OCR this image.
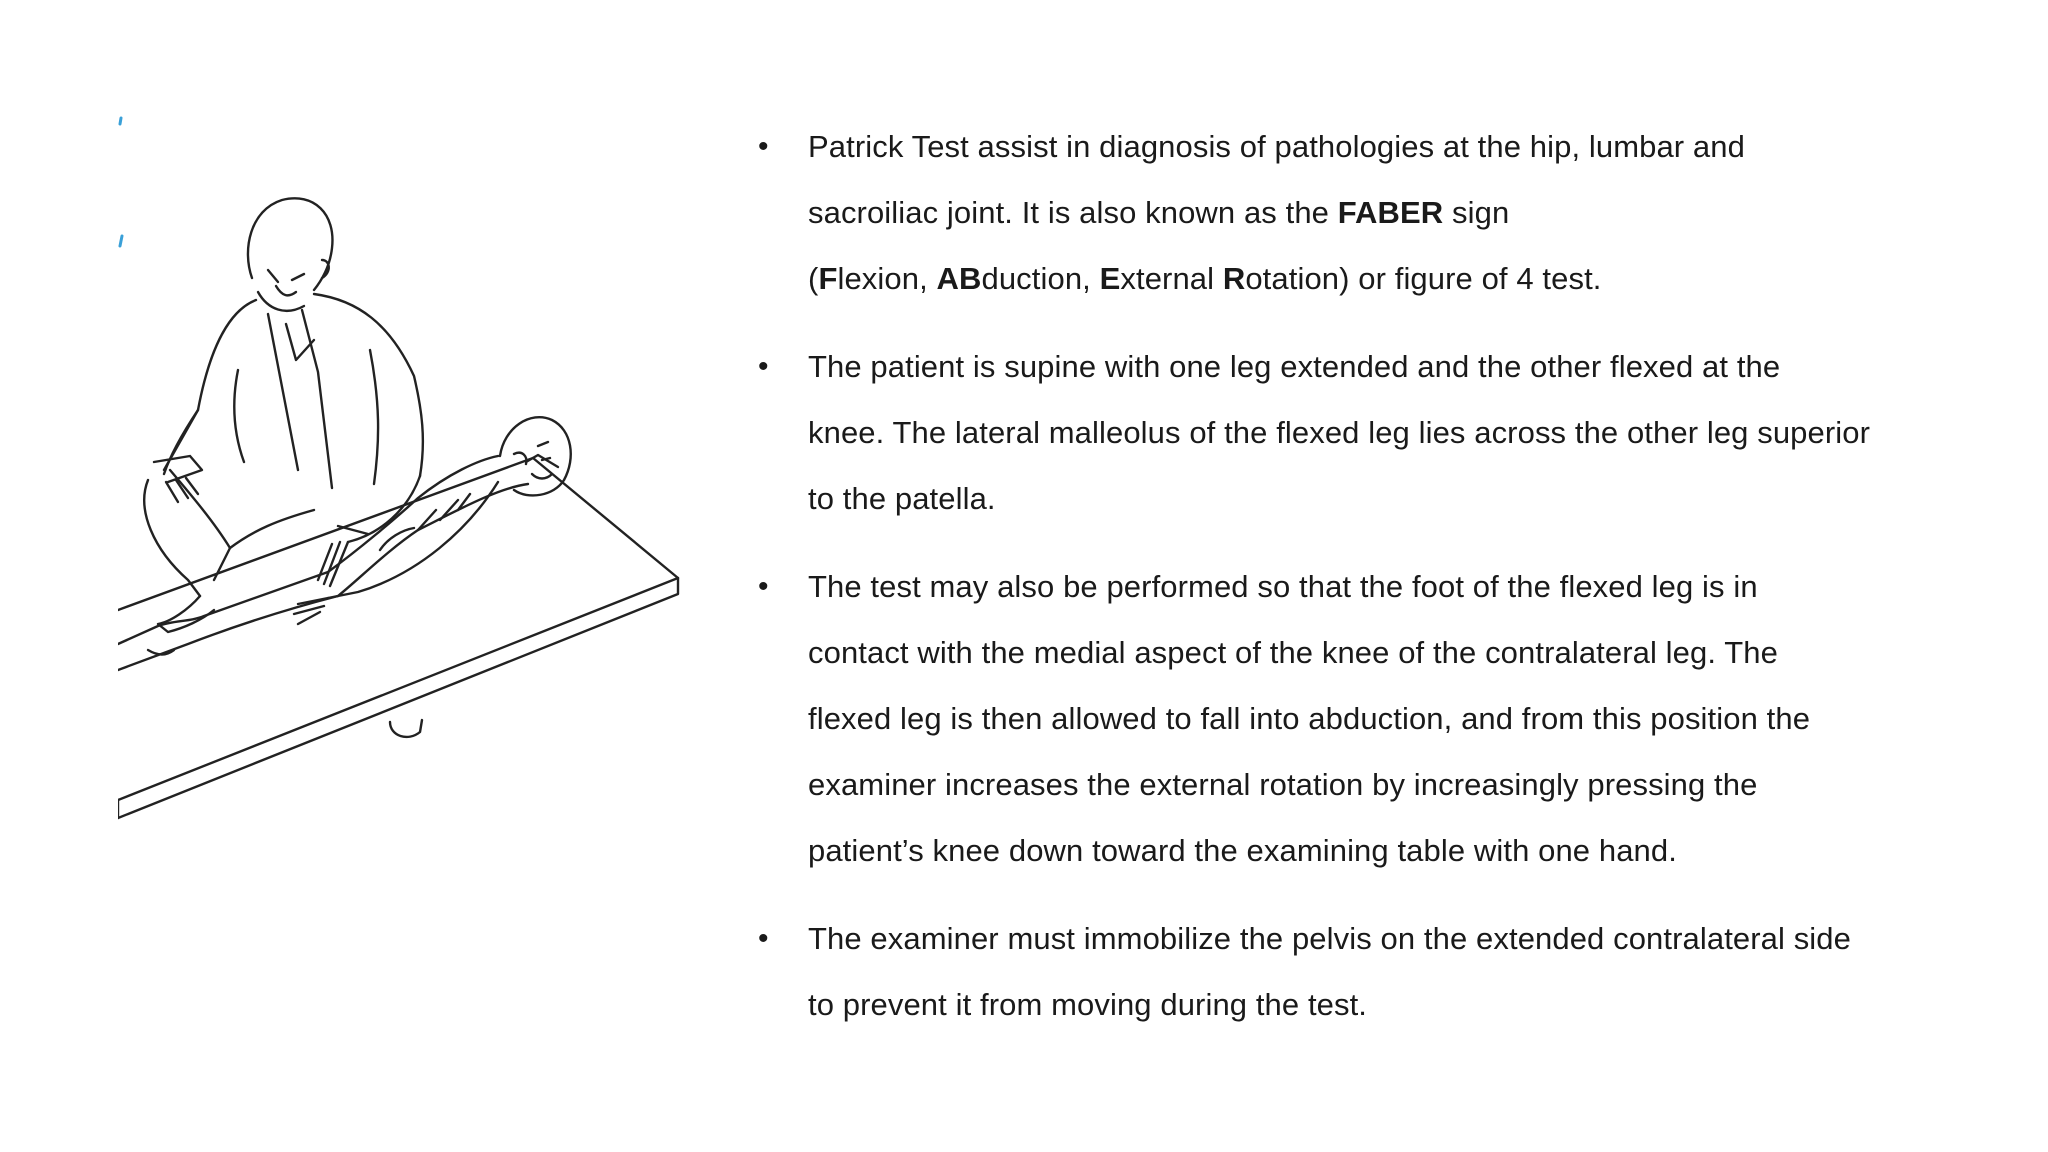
• Patrick Test assist in diagnosis of pathologies at the hip, lumbar and
sacroiliac joint. It is also known as the FABER sign
(Flexion, ABduction, External Rotation) or figure of 4 test.
• The patient is supine with one leg extended and the other flexed at the
knee. The lateral malleolus of the flexed leg lies across the other leg superior
to the patella.
• The test may also be performed so that the foot of the flexed leg is in
contact with the medial aspect of the knee of the contralateral leg. The
flexed leg is then allowed to fall into abduction, and from this position the
examiner increases the external rotation by increasingly pressing the
patient’s knee down toward the examining table with one hand.
• The examiner must immobilize the pelvis on the extended contralateral side
to prevent it from moving during the test.
